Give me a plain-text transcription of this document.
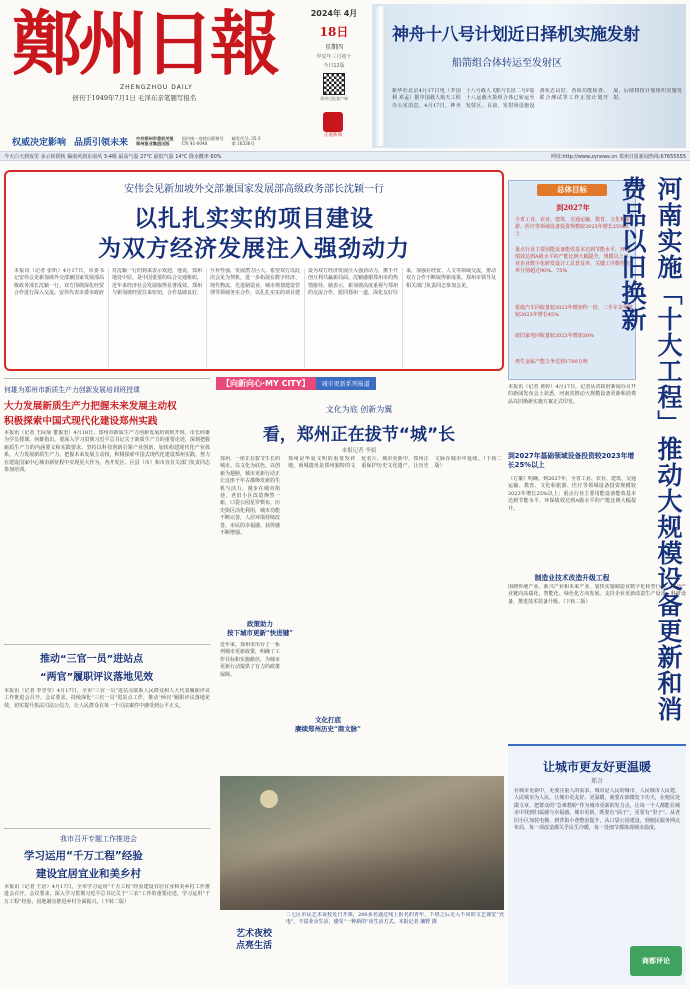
鄭州日報
ZHENGZHOU DAILY
创刊于1949年7月1日 毛泽东亲笔题写报名
2024年 4月
18日
星期四
甲辰年三月初十
今日12版
郑州日报客户端
正观新闻
权威决定影响 品质引领未来 中共郑州市委机关报
郑州报业集团出版
国内统一连续出版物号
CN 41-0048
邮发代号: 35-3
第 16336号
今天白天到夜里 多云转阴转 偏南风到东南风 3-4级 最高气温 27℃ 最低气温 14℃ 降水概率 60%	网址:http://www.zynews.cn 郑州日报新闻热线:67655555
神舟十八号计划近日择机实施发射
船箭组合体转运至发射区
新华社北京4月17日电（李国利 邓孟）据中国载人航天工程办公室消息，4月17日，神舟十八号载人飞船与长征二号F遥十八运载火箭组合体已转运至发射区。目前，发射场设施设备状态良好，各项功能检查、联合测试等工作正按计划开展，后续将按计划组织实施发射。
安伟会见新加坡外交部兼国家发展部高级政务部长沈颖一行
以扎扎实实的项目建设
为双方经济发展注入强劲动力
本报讯（记者 张昕）4月17日，市委书记安伟会见新加坡外交部兼国家发展部高级政务部长沈颖一行。双方围绕深化经贸合作进行深入交流。安伟代表市委市政府对沈颖一行的到来表示欢迎，他说，郑州地处中原，是中国重要的综合交通枢纽，近年来经济社会发展取得显著成效。郑州与新加坡经贸往来密切，合作基础良好，互补性强，发展潜力巨大。希望双方以此次会见为契机，进一步拓展在数字经济、现代物流、先进制造业、城市规划建设管理等领域务实合作，以扎扎实实的项目建设为双方经济发展注入强劲动力，携手开创互利共赢新局面。沈颖感谢郑州市的热情接待，她表示，新加坡高度重视与郑州的交流合作，愿同郑州一道，深化友好往来，加强在经贸、人文等领域交流，推动双方合作不断取得新成果。郑州市领导及相关部门负责同志参加会见。
总体目标
到2027年
全省工业、农业、建筑、交通运输、教育、文化和旅游、医疗等领域设备投资规模较2023年增长25%以上
重点行业主要用能设备能效基本达到节能水平，环保绩效达到A级水平的产能比例大幅提升，规模以上工业企业数字化研发设计工具普及率、关键工序数控化率分别超过90%、75%
报废汽车回收量较2023年增加约一倍，二手车交易量较2023年增长45%
废旧家电回收量较2023年增加30%
再生金属产能力争达到1700万吨	河南实施「十大工程」推动大规模设备更新和消费品以旧换新
本报讯（记者 黄婷）4月17日，记者从省政府新闻办召开的新闻发布会上获悉，河南省推动大规模设备更新和消费品以旧换新实施方案正式印发。
到2027年基础领域设备投资较2023年增长25%以上
《方案》明确，到2027年，全省工业、农业、建筑、交通运输、教育、文化和旅游、医疗等领域设备投资规模较2023年增长25%以上；重点行业主要用能设备能效基本达到节能水平，环保绩效达到A级水平的产能比例大幅提升。
制造业技术改造升级工程
围绕传统产业、新兴产业和未来产业，加快实施制造业数字化转型行动，推动产业链向高端化、智能化、绿色化方向发展。支持企业更新改造生产设备、科研设备，推进技术装备升级。（下转二版）
何雄为郑州市新质生产力创新发展培训班授课
大力发展新质生产力把握未来发展主动权
积极探索中国式现代化建设郑州实践
本报讯（记者 王际菊 董俊奎）4月18日，郑州市新质生产力创新发展培训班开班，市长何雄为学员授课。何雄指出，要深入学习贯彻习近平总书记关于新质生产力的重要论述，深刻把握新质生产力的内涵要义和实践要求，坚持以科技创新引领产业创新，加快构建现代化产业体系，大力发展新质生产力，把握未来发展主动权，积极探索中国式现代化建设郑州实践，努力在建设国家中心城市新征程中实现更大作为。各开发区、区县（市）和市直有关部门负责同志参加培训。
推动“三官一员”进站点
“两官”履职评议落地见效
本报讯（记者 李莹莹）4月17日，全市“三官一员”进站点联系人民群众和人大代表履职评议工作推进会召开。会议要求，持续深化“三官一员”进站点工作，推动“两官”履职评议落地见效，切实提升执法司法公信力，让人民群众在每一个司法案件中感受到公平正义。
我市召开专题工作推进会
学习运用“千万工程”经验
建设宜居宜业和美乡村
本报讯（记者 王治）4月17日，全市学习运用“千万工程”经验建设宜居宜业和美乡村工作推进会召开。会议要求，深入学习贯彻习近平总书记关于“三农”工作的重要论述，学习运用“千万工程”经验，因地制宜推进乡村全面振兴。（下转二版）
【向新向心·MY CITY】	城市更新系列报道
文化为底 创新为翼
看，郑州正在拔节“城”长
本报记者 李娟
郑州，一座正在拔节生长的城市。以文化为底色，以创新为翅膀，城市更新行动正让这座千年古都焕发新的生机与活力。漫步在城市街巷，老旧小区改造焕然一新，口袋公园星罗棋布，历史街区活化利用，城市功能不断完善，人居环境持续改善，市民的幸福感、获得感不断增强。
政策助力
按下城市更新“快进键”
近年来，郑州市出台了一系列城市更新政策，明确了工作目标和实施路径，为城市更新行动提供了有力的政策保障。
文化打底
赓续郑州历史“商文脉”
郑州是华夏文明的重要发祥地，商城遗址是郑州独特的文化名片。城市更新中，郑州注重保护历史文化遗产，让历史文脉在城市中延续。（下转二版）
二七区市民艺术夜校近日开课，200多名通过线上报名的青年，下班之后走入不同的文艺课堂“充电”，丰富业余生活，感受“一种新的”夜生活方式。本报记者 廉野 摄
艺术夜校
点亮生活
让城市更友好更温暖
郑言
在城市更新中，更要注重人的需求。城市是人民的城市，人民城市人民建，人民城市为人民。让城市更友好、更温暖，就要在细微处下功夫，在便民处做文章，把群众的“急难愁盼”作为城市更新的发力点，让每一个人都能在城市中找到归属感与幸福感。城市更新，既要有“面子”，更要有“里子”。从老旧小区加装电梯，到背街小巷整治提升，从口袋公园建设，到便民服务网点布局，每一项改造都关乎民生冷暖，每一处细节都体现城市温度。
商都评论
